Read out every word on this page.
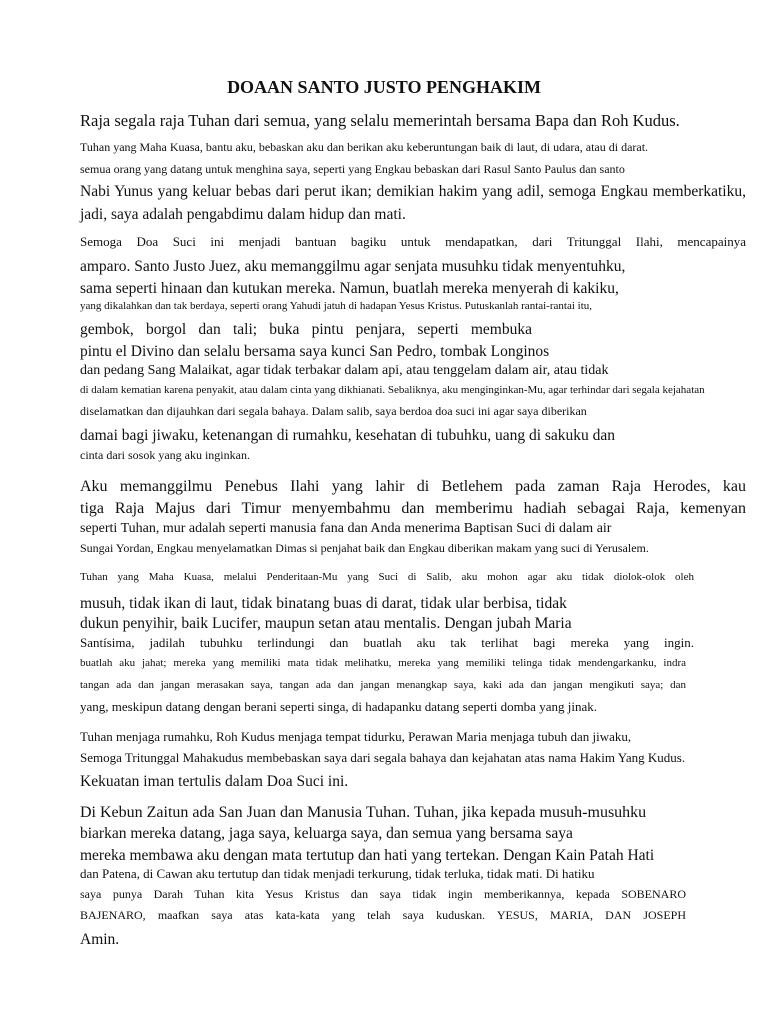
DOAAN SANTO JUSTO PENGHAKIM
Raja segala raja Tuhan dari semua, yang selalu memerintah bersama Bapa dan Roh Kudus.
Tuhan yang Maha Kuasa, bantu aku, bebaskan aku dan berikan aku keberuntungan baik di laut, di udara, atau di darat.
semua orang yang datang untuk menghina saya, seperti yang Engkau bebaskan dari Rasul Santo Paulus dan santo
Nabi Yunus yang keluar bebas dari perut ikan; demikian hakim yang adil, semoga Engkau memberkatiku,
jadi, saya adalah pengabdimu dalam hidup dan mati.
Semoga Doa Suci ini menjadi bantuan bagiku untuk mendapatkan, dari Tritunggal Ilahi, mencapainya
amparo. Santo Justo Juez, aku memanggilmu agar senjata musuhku tidak menyentuhku,
sama seperti hinaan dan kutukan mereka. Namun, buatlah mereka menyerah di kakiku,
yang dikalahkan dan tak berdaya, seperti orang Yahudi jatuh di hadapan Yesus Kristus. Putuskanlah rantai-rantai itu,
gembok, borgol dan tali; buka pintu penjara, seperti membuka
pintu el Divino dan selalu bersama saya kunci San Pedro, tombak Longinos
dan pedang Sang Malaikat, agar tidak terbakar dalam api, atau tenggelam dalam air, atau tidak
di dalam kematian karena penyakit, atau dalam cinta yang dikhianati. Sebaliknya, aku menginginkan-Mu, agar terhindar dari segala kejahatan
diselamatkan dan dijauhkan dari segala bahaya. Dalam salib, saya berdoa doa suci ini agar saya diberikan
damai bagi jiwaku, ketenangan di rumahku, kesehatan di tubuhku, uang di sakuku dan
cinta dari sosok yang aku inginkan.
Aku memanggilmu Penebus Ilahi yang lahir di Betlehem pada zaman Raja Herodes, kau
tiga Raja Majus dari Timur menyembahmu dan memberimu hadiah sebagai Raja, kemenyan
seperti Tuhan, mur adalah seperti manusia fana dan Anda menerima Baptisan Suci di dalam air
Sungai Yordan, Engkau menyelamatkan Dimas si penjahat baik dan Engkau diberikan makam yang suci di Yerusalem.
Tuhan yang Maha Kuasa, melalui Penderitaan-Mu yang Suci di Salib, aku mohon agar aku tidak diolok-olok oleh
musuh, tidak ikan di laut, tidak binatang buas di darat, tidak ular berbisa, tidak
dukun penyihir, baik Lucifer, maupun setan atau mentalis. Dengan jubah Maria
Santísima, jadilah tubuhku terlindungi dan buatlah aku tak terlihat bagi mereka yang ingin.
buatlah aku jahat; mereka yang memiliki mata tidak melihatku, mereka yang memiliki telinga tidak mendengarkanku, indra
tangan ada dan jangan merasakan saya, tangan ada dan jangan menangkap saya, kaki ada dan jangan mengikuti saya; dan
yang, meskipun datang dengan berani seperti singa, di hadapanku datang seperti domba yang jinak.
Tuhan menjaga rumahku, Roh Kudus menjaga tempat tidurku, Perawan Maria menjaga tubuh dan jiwaku,
Semoga Tritunggal Mahakudus membebaskan saya dari segala bahaya dan kejahatan atas nama Hakim Yang Kudus.
Kekuatan iman tertulis dalam Doa Suci ini.
Di Kebun Zaitun ada San Juan dan Manusia Tuhan. Tuhan, jika kepada musuh-musuhku
biarkan mereka datang, jaga saya, keluarga saya, dan semua yang bersama saya
mereka membawa aku dengan mata tertutup dan hati yang tertekan. Dengan Kain Patah Hati
dan Patena, di Cawan aku tertutup dan tidak menjadi terkurung, tidak terluka, tidak mati. Di hatiku
saya punya Darah Tuhan kita Yesus Kristus dan saya tidak ingin memberikannya, kepada SOBENARO
BAJENARO, maafkan saya atas kata-kata yang telah saya kuduskan. YESUS, MARIA, DAN JOSEPH
Amin.
